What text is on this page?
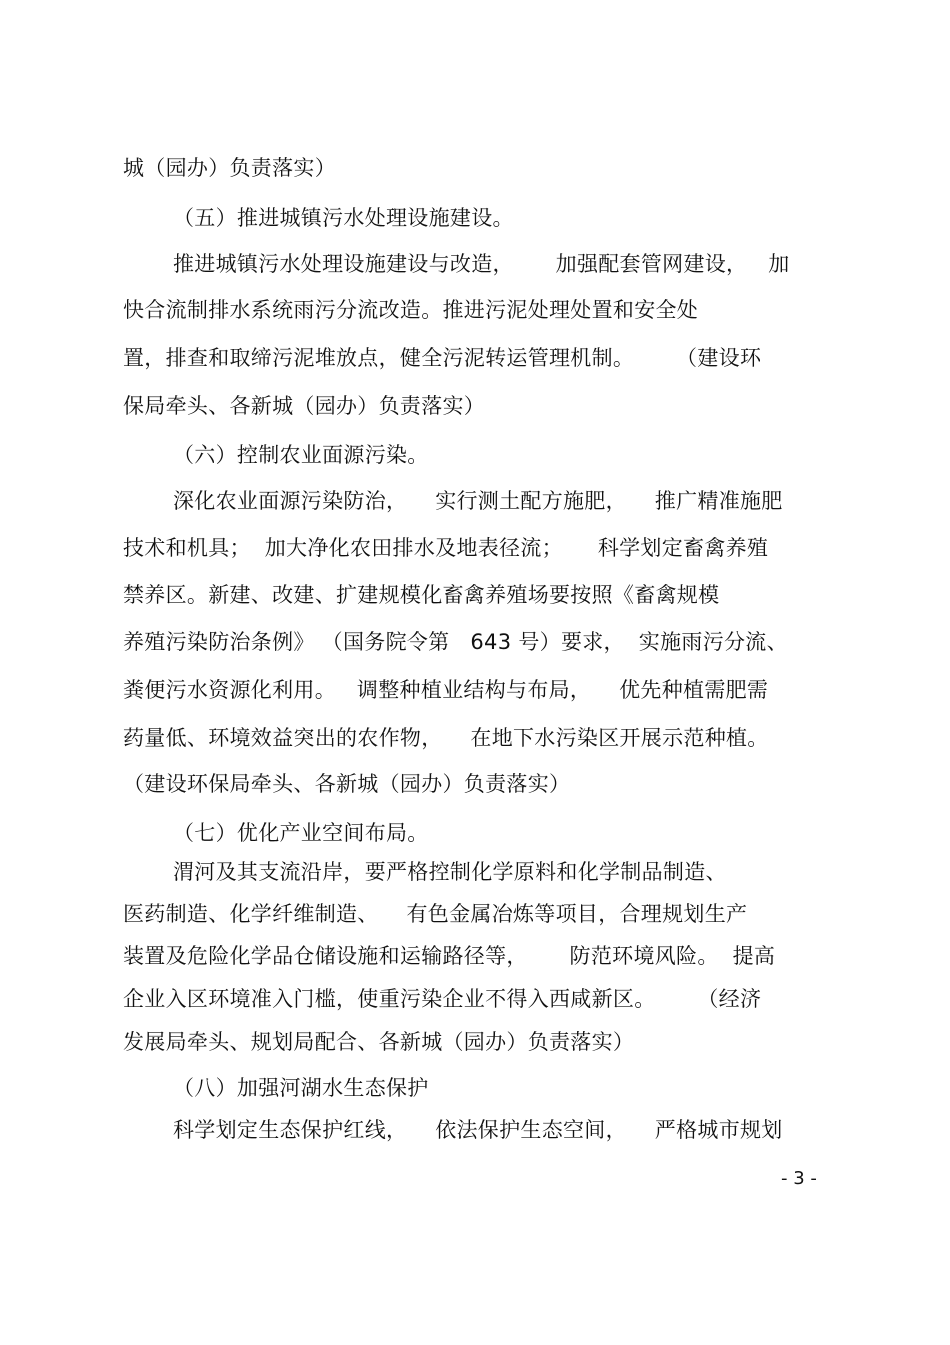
城（园办）负责落实）
（五）推进城镇污水处理设施建设。
推进城镇污水处理设施建设与改造，      加强配套管网建设，   加
快合流制排水系统雨污分流改造。推进污泥处理处置和安全处
置，排查和取缔污泥堆放点，健全污泥转运管理机制。      （建设环
保局牵头、各新城（园办）负责落实）
（六）控制农业面源污染。
深化农业面源污染防治，    实行测土配方施肥，    推广精准施肥
技术和机具；  加大净化农田排水及地表径流；     科学划定畜禽养殖
禁养区。新建、改建、扩建规模化畜禽养殖场要按照《畜禽规模
养殖污染防治条例》 （国务院令第   643 号）要求，  实施雨污分流、
粪便污水资源化利用。   调整种植业结构与布局，    优先种植需肥需
药量低、环境效益突出的农作物，    在地下水污染区开展示范种植。
（建设环保局牵头、各新城（园办）负责落实）
（七）优化产业空间布局。
渭河及其支流沿岸，要严格控制化学原料和化学制品制造、
医药制造、化学纤维制造、    有色金属冶炼等项目，合理规划生产
装置及危险化学品仓储设施和运输路径等，      防范环境风险。  提高
企业入区环境准入门槛，使重污染企业不得入西咸新区。      （经济
发展局牵头、规划局配合、各新城（园办）负责落实）
（八）加强河湖水生态保护
科学划定生态保护红线，    依法保护生态空间，    严格城市规划
- 3 -
